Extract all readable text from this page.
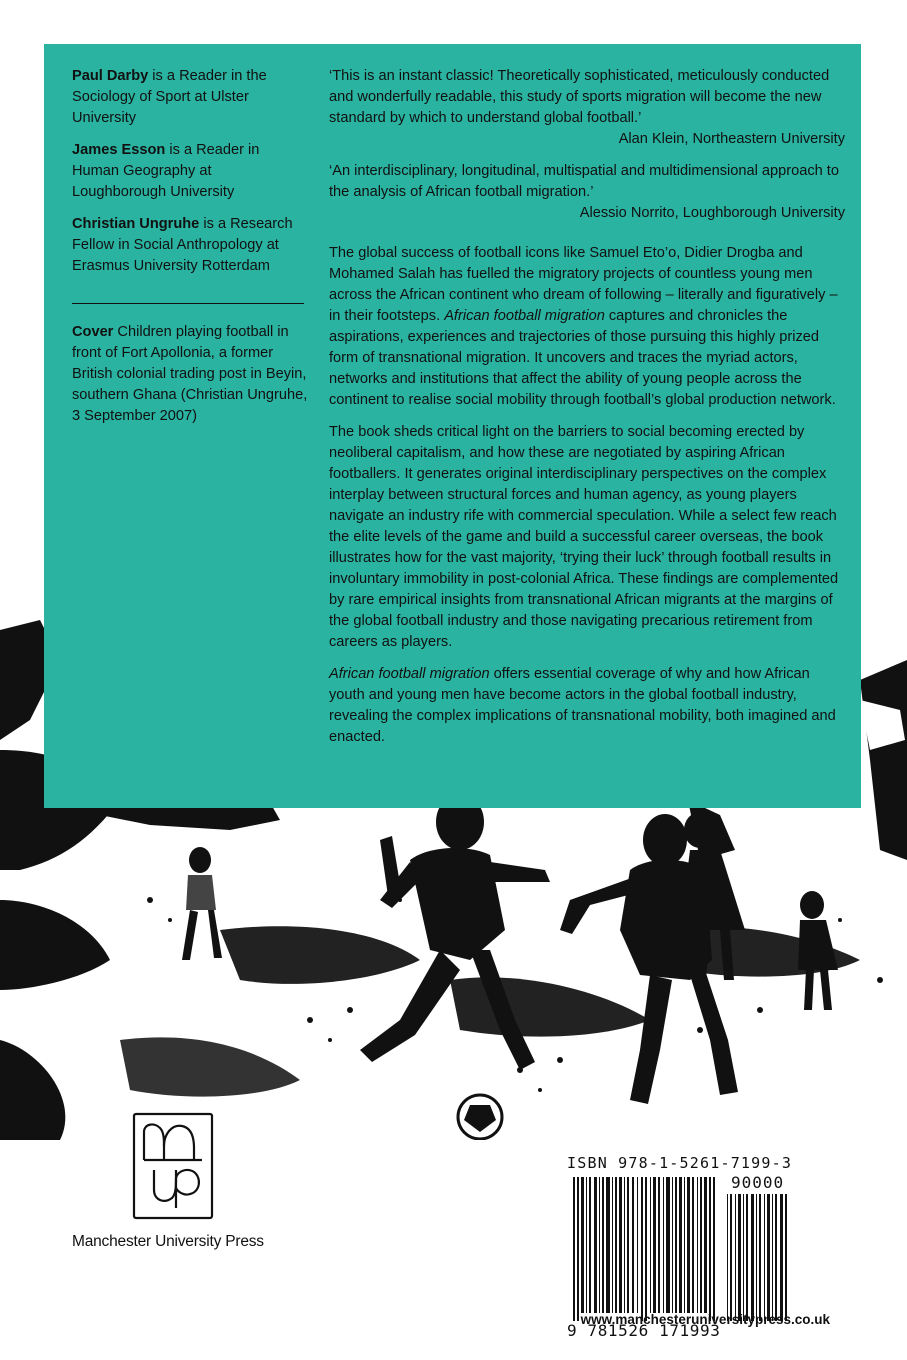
Paul Darby is a Reader in the Sociology of Sport at Ulster University

James Esson is a Reader in Human Geography at Loughborough University

Christian Ungruhe is a Research Fellow in Social Anthropology at Erasmus University Rotterdam

Cover Children playing football in front of Fort Apollonia, a former British colonial trading post in Beyin, southern Ghana (Christian Ungruhe, 3 September 2007)

‘This is an instant classic! Theoretically sophisticated, meticulously conducted and wonderfully readable, this study of sports migration will become the new standard by which to understand global football.’
Alan Klein, Northeastern University

‘An interdisciplinary, longitudinal, multispatial and multidimensional approach to the analysis of African football migration.’
Alessio Norrito, Loughborough University

The global success of football icons like Samuel Eto’o, Didier Drogba and Mohamed Salah has fuelled the migratory projects of countless young men across the African continent who dream of following – literally and figuratively – in their footsteps. African football migration captures and chronicles the aspirations, experiences and trajectories of those pursuing this highly prized form of transnational migration. It uncovers and traces the myriad actors, networks and institutions that affect the ability of young people across the continent to realise social mobility through football’s global production network.

The book sheds critical light on the barriers to social becoming erected by neoliberal capitalism, and how these are negotiated by aspiring African footballers. It generates original interdisciplinary perspectives on the complex interplay between structural forces and human agency, as young players navigate an industry rife with commercial speculation. While a select few reach the elite levels of the game and build a successful career overseas, the book illustrates how for the vast majority, ‘trying their luck’ through football results in involuntary immobility in post-colonial Africa. These findings are complemented by rare empirical insights from transnational African migrants at the margins of the global football industry and those navigating precarious retirement from careers as players.

African football migration offers essential coverage of why and how African youth and young men have become actors in the global football industry, revealing the complex implications of transnational mobility, both imagined and enacted.

Manchester University Press
ISBN 978-1-5261-7199-3
90000
9 781526 171993
www.manchesteruniversitypress.co.uk
